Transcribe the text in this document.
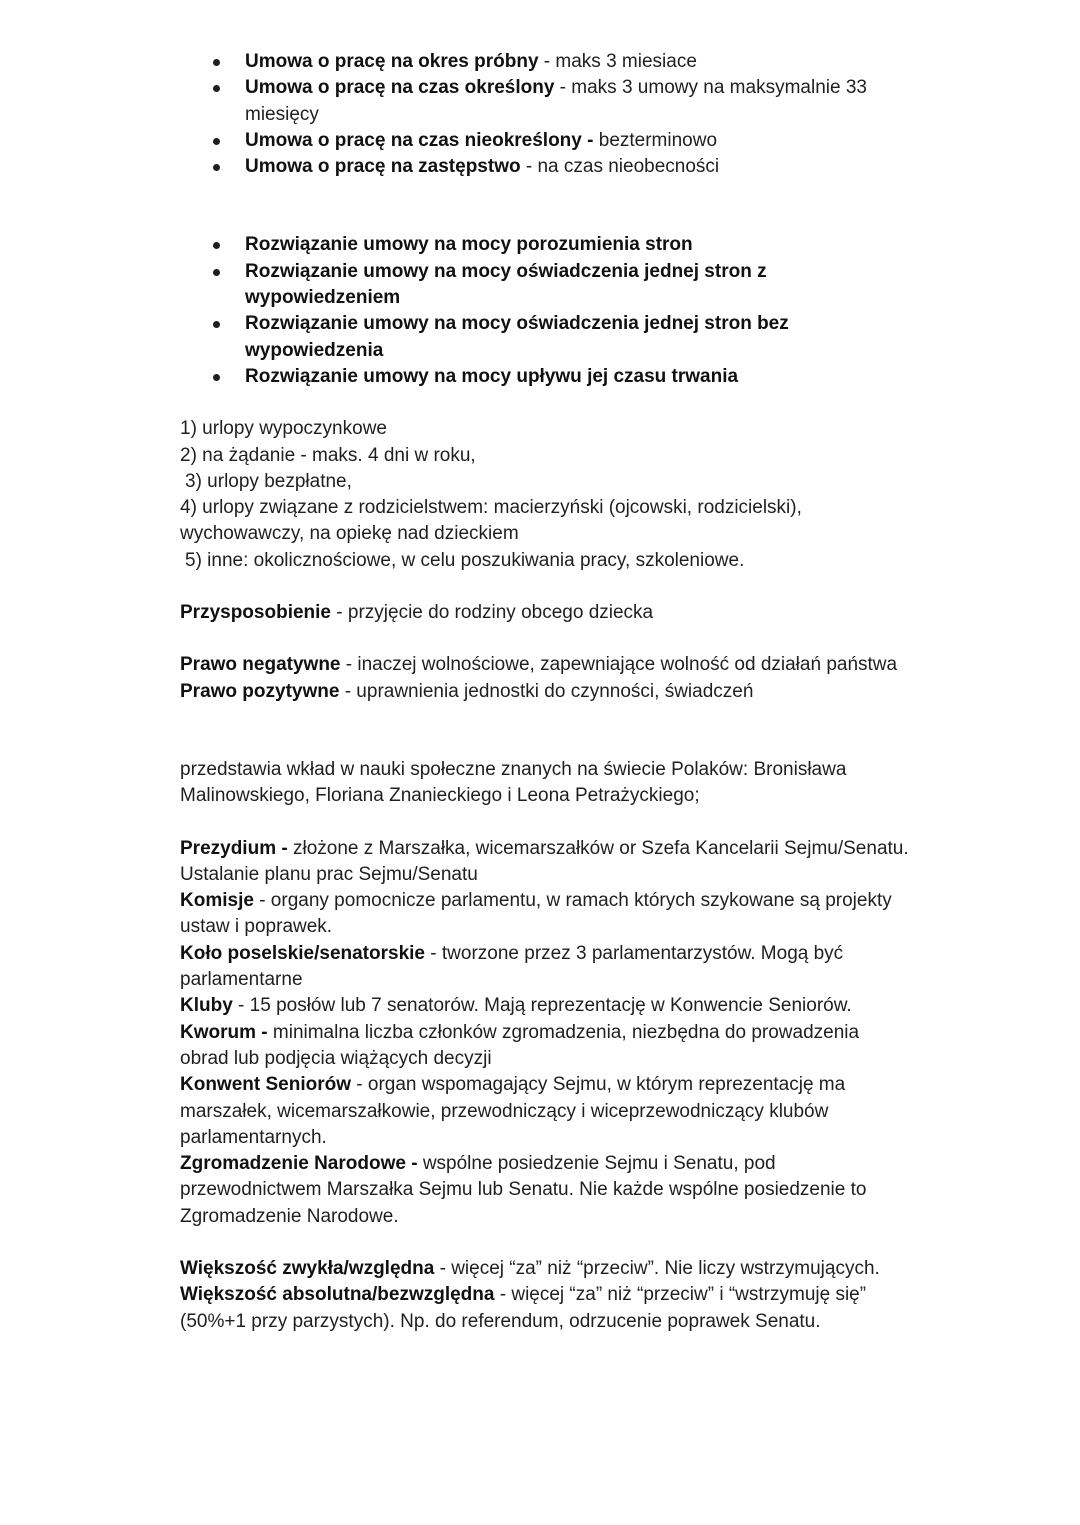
Umowa o pracę na okres próbny - maks 3 miesiace
Umowa o pracę na czas określony - maks 3 umowy na maksymalnie 33 miesięcy
Umowa o pracę na czas nieokreślony - bezterminowo
Umowa o pracę na zastępstwo - na czas nieobecności
Rozwiązanie umowy na mocy porozumienia stron
Rozwiązanie umowy na mocy oświadczenia jednej stron z wypowiedzeniem
Rozwiązanie umowy na mocy oświadczenia jednej stron bez wypowiedzenia
Rozwiązanie umowy na mocy upływu jej czasu trwania

1) urlopy wypoczynkowe

2) na żądanie - maks. 4 dni w roku,

3) urlopy bezpłatne,

4) urlopy związane z rodzicielstwem: macierzyński (ojcowski, rodzicielski), wychowawczy, na opiekę nad dzieckiem

5) inne: okolicznościowe, w celu poszukiwania pracy, szkoleniowe.

Przysposobienie - przyjęcie do rodziny obcego dziecka

Prawo negatywne - inaczej wolnościowe, zapewniające wolność od działań państwa

Prawo pozytywne - uprawnienia jednostki do czynności, świadczeń

przedstawia wkład w nauki społeczne znanych na świecie Polaków: Bronisława Malinowskiego, Floriana Znanieckiego i Leona Petrażyckiego;

Prezydium - złożone z Marszałka, wicemarszałków or Szefa Kancelarii Sejmu/Senatu. Ustalanie planu prac Sejmu/Senatu

Komisje - organy pomocnicze parlamentu, w ramach których szykowane są projekty ustaw i poprawek.

Koło poselskie/senatorskie - tworzone przez 3 parlamentarzystów. Mogą być parlamentarne

Kluby - 15 posłów lub 7 senatorów. Mają reprezentację w Konwencie Seniorów.

Kworum - minimalna liczba członków zgromadzenia, niezbędna do prowadzenia obrad lub podjęcia wiążących decyzji

Konwent Seniorów - organ wspomagający Sejmu, w którym reprezentację ma marszałek, wicemarszałkowie, przewodniczący i wiceprzewodniczący klubów parlamentarnych.

Zgromadzenie Narodowe - wspólne posiedzenie Sejmu i Senatu, pod przewodnictwem Marszałka Sejmu lub Senatu. Nie każde wspólne posiedzenie to Zgromadzenie Narodowe.

Większość zwykła/względna - więcej “za” niż “przeciw”. Nie liczy wstrzymujących.

Większość absolutna/bezwzględna - więcej “za” niż “przeciw” i “wstrzymuję się” (50%+1 przy parzystych). Np. do referendum, odrzucenie poprawek Senatu.
